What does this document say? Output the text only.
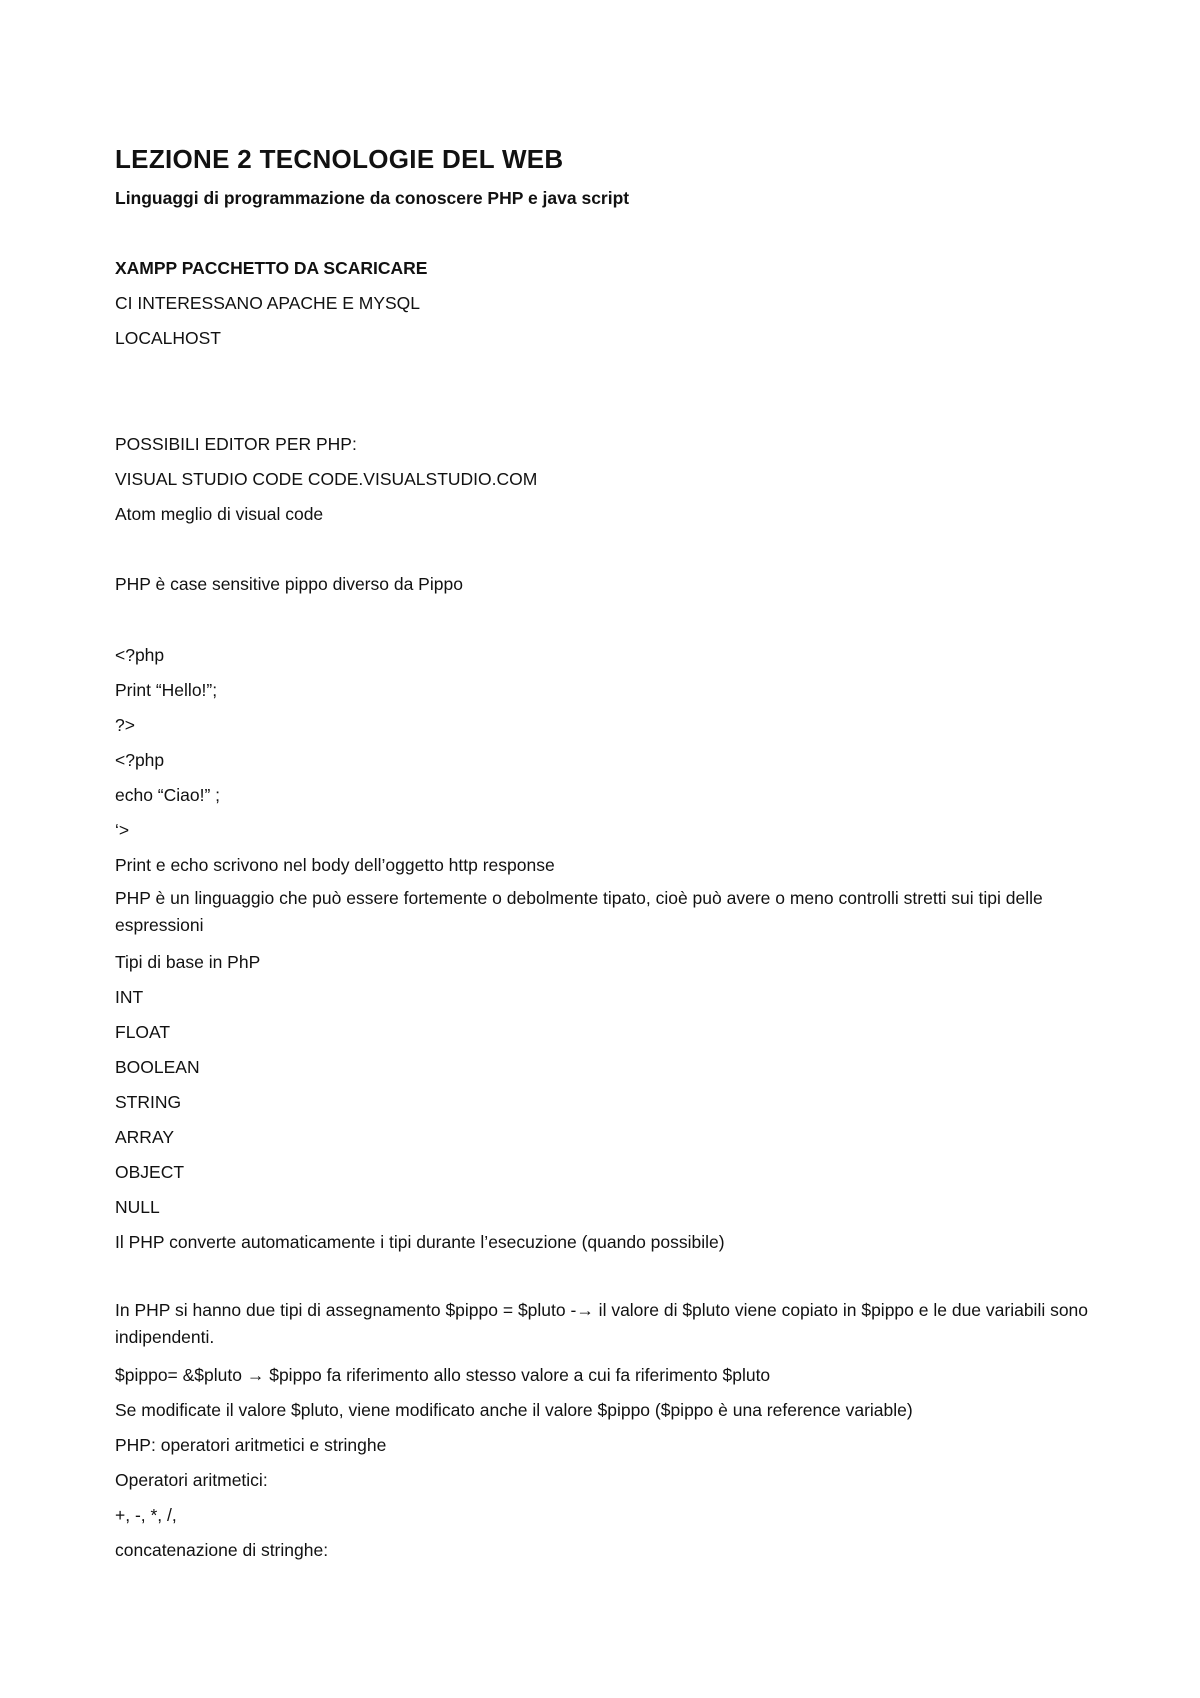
LEZIONE 2 TECNOLOGIE DEL WEB

Linguaggi di programmazione da conoscere PHP e java script

XAMPP PACCHETTO DA SCARICARE

CI INTERESSANO APACHE E MYSQL

LOCALHOST

POSSIBILI EDITOR PER PHP:

VISUAL STUDIO CODE CODE.VISUALSTUDIO.COM

Atom meglio di visual code

PHP è case sensitive pippo diverso da Pippo

<?php

Print “Hello!”;

?>

<?php

echo “Ciao!” ;

‘>

Print e echo scrivono nel body dell’oggetto http response

PHP è un linguaggio che può essere fortemente o debolmente tipato, cioè può avere o meno controlli stretti sui tipi delle espressioni

Tipi di base in PhP

INT

FLOAT

BOOLEAN

STRING

ARRAY

OBJECT

NULL

Il PHP converte automaticamente i tipi durante l’esecuzione (quando possibile)

In PHP si hanno due tipi di assegnamento $pippo = $pluto -→ il valore di $pluto viene copiato in $pippo e le due variabili sono indipendenti.

$pippo= &$pluto → $pippo fa riferimento allo stesso valore a cui fa riferimento $pluto

Se modificate il valore $pluto, viene modificato anche il valore $pippo ($pippo è una reference variable)

PHP: operatori aritmetici e stringhe

Operatori aritmetici:

+, -, *, /,

concatenazione di stringhe:
